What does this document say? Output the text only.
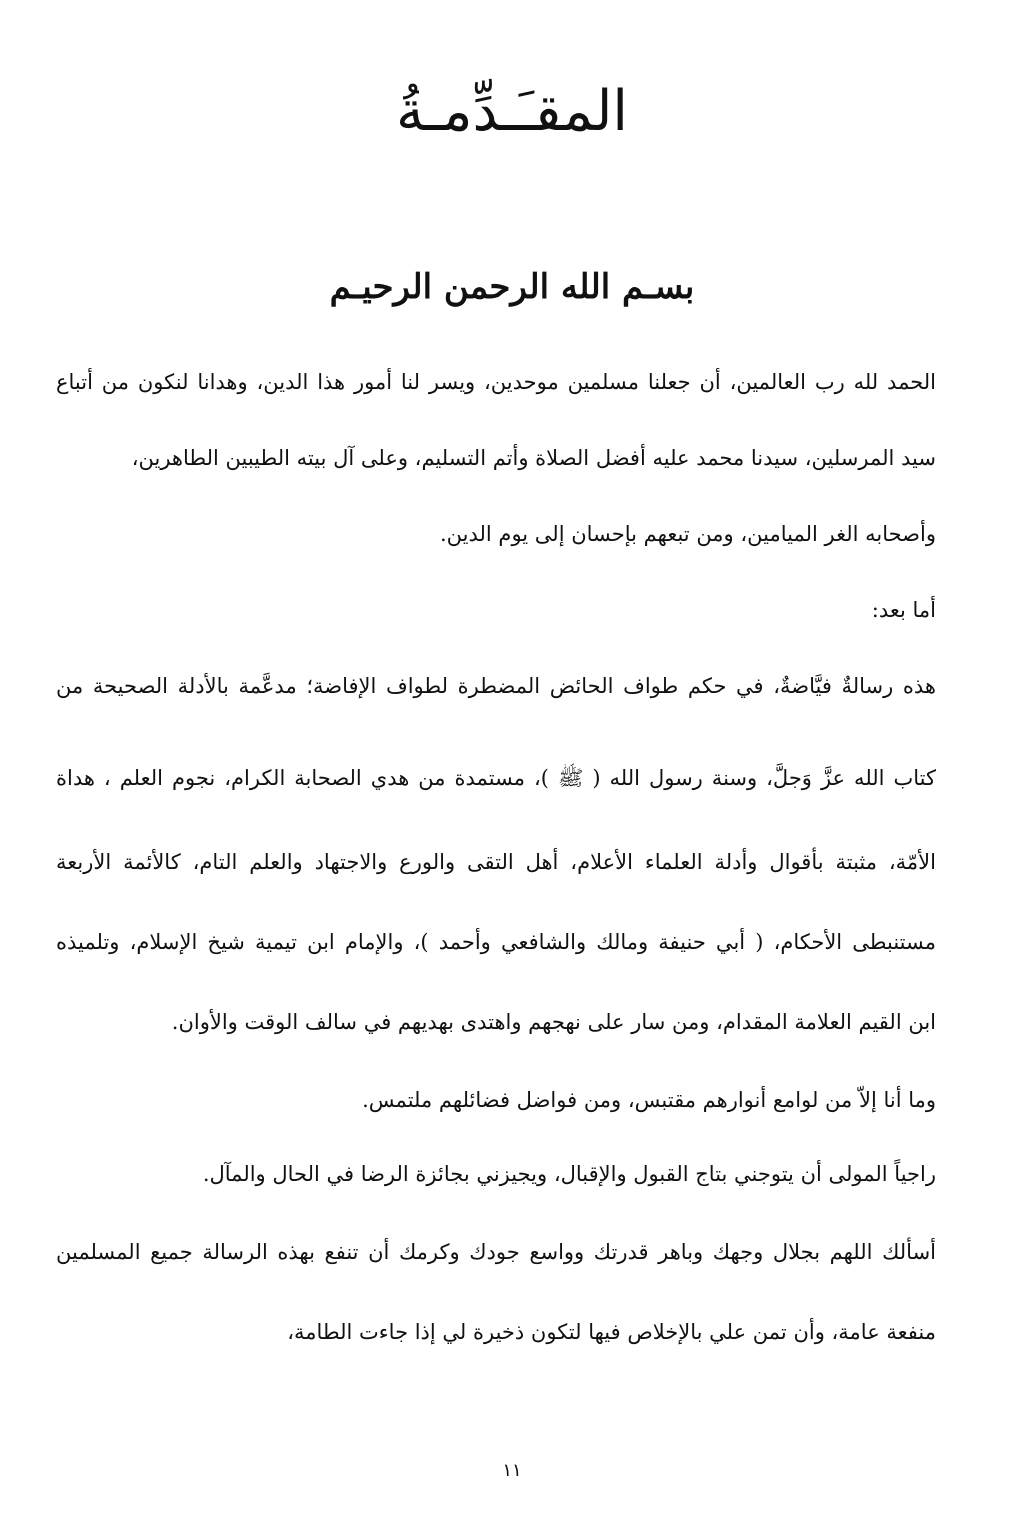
المقـَـدِّمـةُ
بسـم الله الرحمن الرحيـم

الحمد لله رب العالمين، أن جعلنا مسلمين موحدين، ويسر لنا أمور هذا الدين، وهدانا لنكون من أتباع

سيد المرسلين، سيدنا محمد عليه أفضل الصلاة وأتم التسليم، وعلى آل بيته الطيبين الطاهرين،

وأصحابه الغر الميامين، ومن تبعهم بإحسان إلى يوم الدين.

أما بعد:

هذه رسالةٌ فيَّاضةٌ، في حكم طواف الحائض المضطرة لطواف الإفاضة؛ مدعَّمة بالأدلة الصحيحة من

كتاب الله عزَّ وَجلَّ، وسنة رسول الله ( ﷺ )، مستمدة من هدي الصحابة الكرام، نجوم العلم ، هداة

الأمّة، مثبتة بأقوال وأدلة العلماء الأعلام، أهل التقى والورع والاجتهاد والعلم التام، كالأئمة الأربعة

مستنبطى الأحكام، ( أبي حنيفة ومالك والشافعي وأحمد )، والإمام ابن تيمية شيخ الإسلام، وتلميذه

ابن القيم العلامة المقدام، ومن سار على نهجهم واهتدى بهديهم في سالف الوقت والأوان.

وما أنا إلاّ من لوامع أنوارهم مقتبس، ومن فواضل فضائلهم ملتمس.

راجياً المولى أن يتوجني بتاج القبول والإقبال، ويجيزني بجائزة الرضا في الحال والمآل.

أسألك اللهم بجلال وجهك وباهر قدرتك وواسع جودك وكرمك أن تنفع بهذه الرسالة جميع المسلمين

منفعة عامة، وأن تمن علي بالإخلاص فيها لتكون ذخيرة لي إذا جاءت الطامة،

١١
